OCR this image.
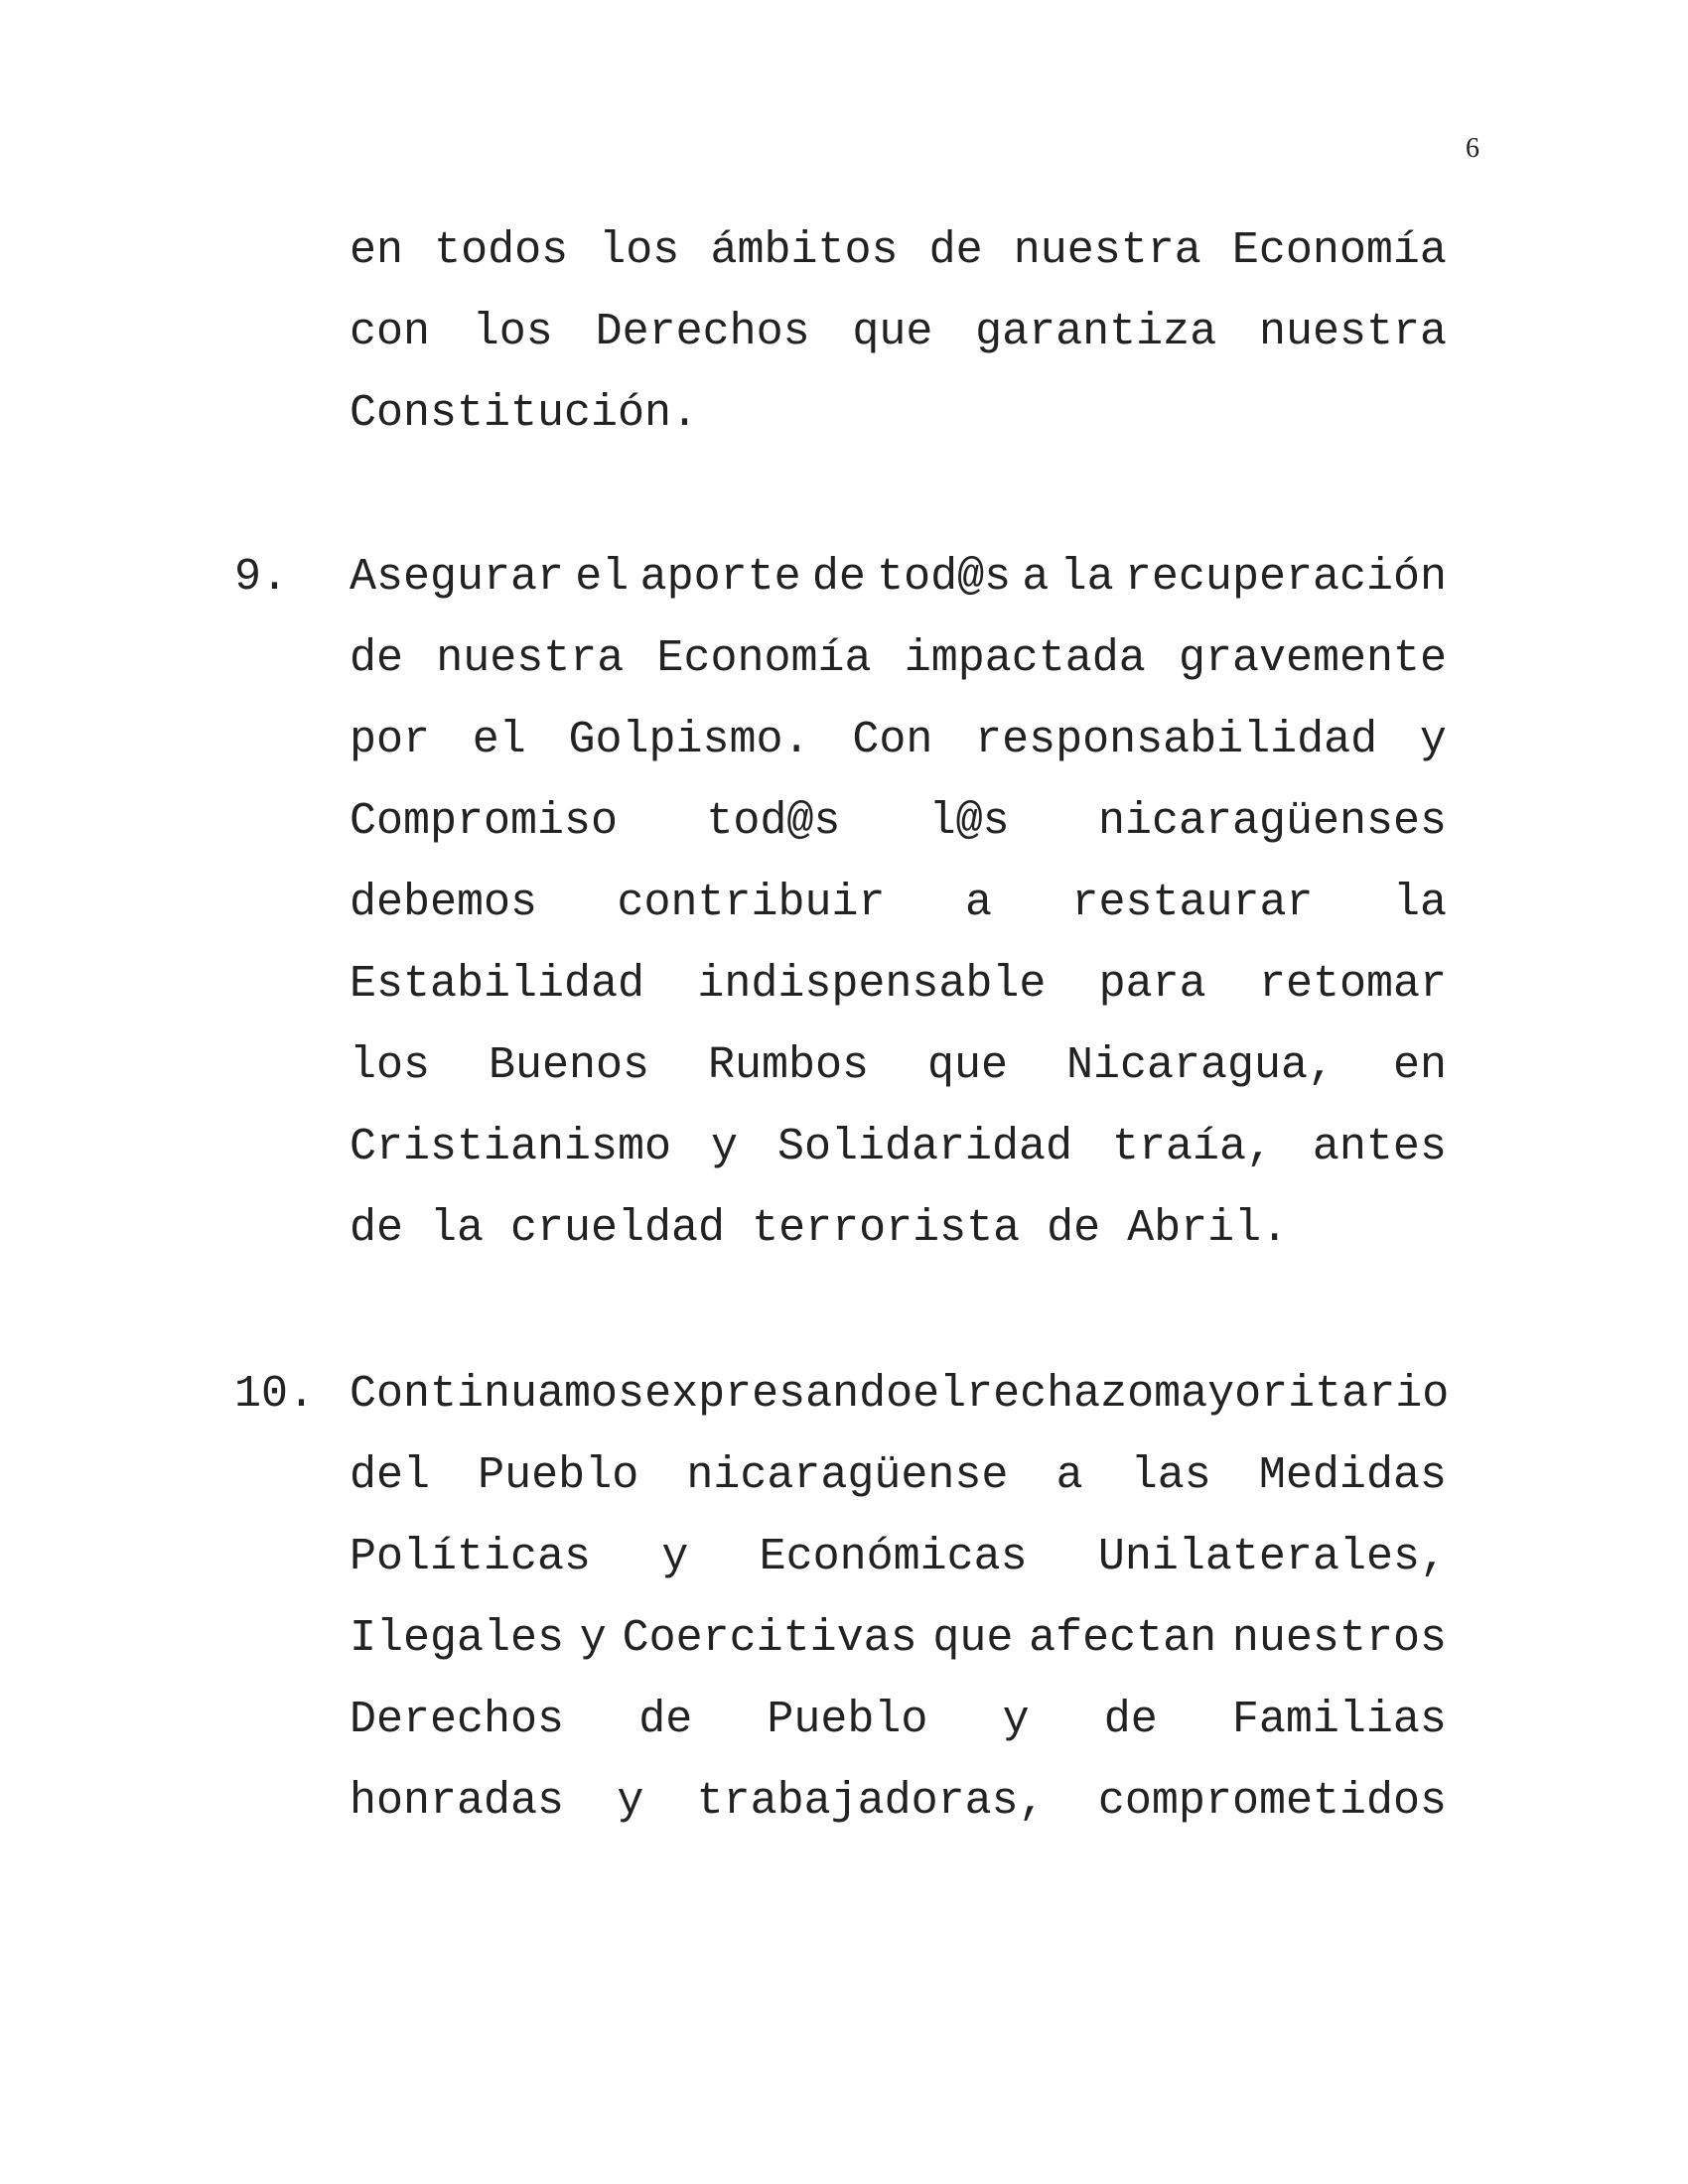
6
en todos los ámbitos de nuestra Economía
con los Derechos que garantiza nuestra
Constitución.
9. Asegurar el aporte de tod@s a la recuperación
de nuestra Economía impactada gravemente
por el Golpismo. Con responsabilidad y
Compromiso tod@s l@s nicaragüenses
debemos contribuir a restaurar la
Estabilidad indispensable para retomar
los Buenos Rumbos que Nicaragua, en
Cristianismo y Solidaridad traía, antes
de la crueldad terrorista de Abril.
10. Continuamos expresando el rechazo mayoritario
del Pueblo nicaragüense a las Medidas
Políticas y Económicas Unilaterales,
Ilegales y Coercitivas que afectan nuestros
Derechos de Pueblo y de Familias
honradas y trabajadoras, comprometidos
